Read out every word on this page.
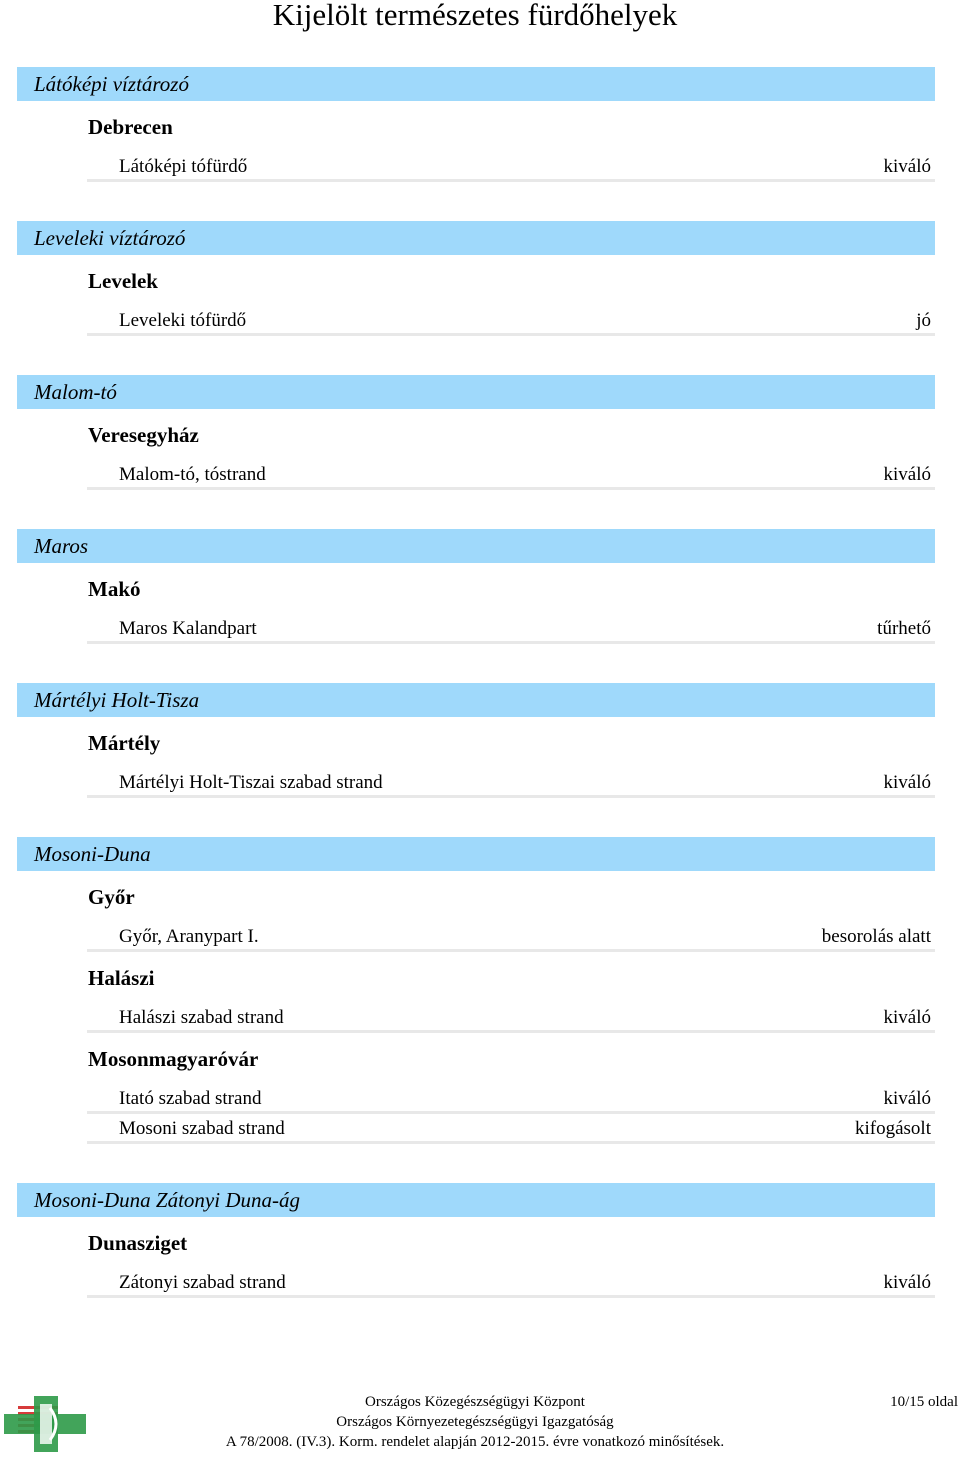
Kijelölt természetes fürdőhelyek
Látóképi víztározó
Debrecen
Látóképi tófürdő	kiváló
Leveleki víztározó
Levelek
Leveleki tófürdő	jó
Malom-tó
Veresegyház
Malom-tó, tóstrand	kiváló
Maros
Makó
Maros Kalandpart	tűrhető
Mártélyi Holt-Tisza
Mártély
Mártélyi Holt-Tiszai szabad strand	kiváló
Mosoni-Duna
Győr
Győr, Aranypart I.	besorolás alatt
Halászi
Halászi szabad strand	kiváló
Mosonmagyaróvár
Itató szabad strand	kiváló
Mosoni szabad strand	kifogásolt
Mosoni-Duna Zátonyi Duna-ág
Dunasziget
Zátonyi szabad strand	kiváló
Országos Közegészségügyi Központ
Országos Környezetegészségügyi Igazgatóság
A 78/2008. (IV.3). Korm. rendelet alapján 2012-2015. évre vonatkozó minősítések.
10/15 oldal
